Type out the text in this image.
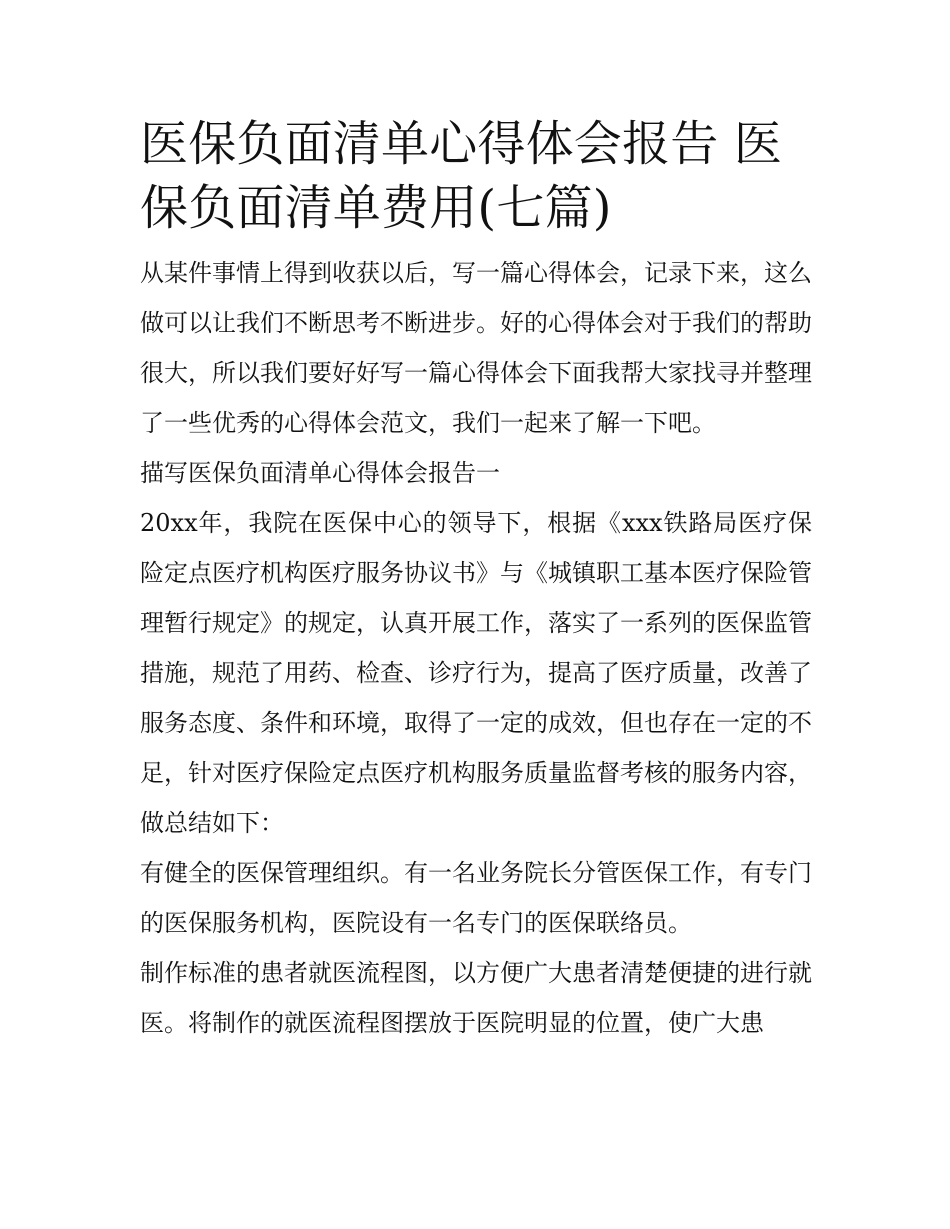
医保负面清单心得体会报告 医保负面清单费用(七篇)

从某件事情上得到收获以后，写一篇心得体会，记录下来，这么做可以让我们不断思考不断进步。好的心得体会对于我们的帮助很大，所以我们要好好写一篇心得体会下面我帮大家找寻并整理了一些优秀的心得体会范文，我们一起来了解一下吧。

描写医保负面清单心得体会报告一

20xx年，我院在医保中心的领导下，根据《xxx铁路局医疗保险定点医疗机构医疗服务协议书》与《城镇职工基本医疗保险管理暂行规定》的规定，认真开展工作，落实了一系列的医保监管措施，规范了用药、检查、诊疗行为，提高了医疗质量，改善了服务态度、条件和环境，取得了一定的成效，但也存在一定的不足，针对医疗保险定点医疗机构服务质量监督考核的服务内容，做总结如下：

有健全的医保管理组织。有一名业务院长分管医保工作，有专门的医保服务机构，医院设有一名专门的医保联络员。

制作标准的患者就医流程图，以方便广大患者清楚便捷的进行就医。将制作的就医流程图摆放于医院明显的位置，使广大患
